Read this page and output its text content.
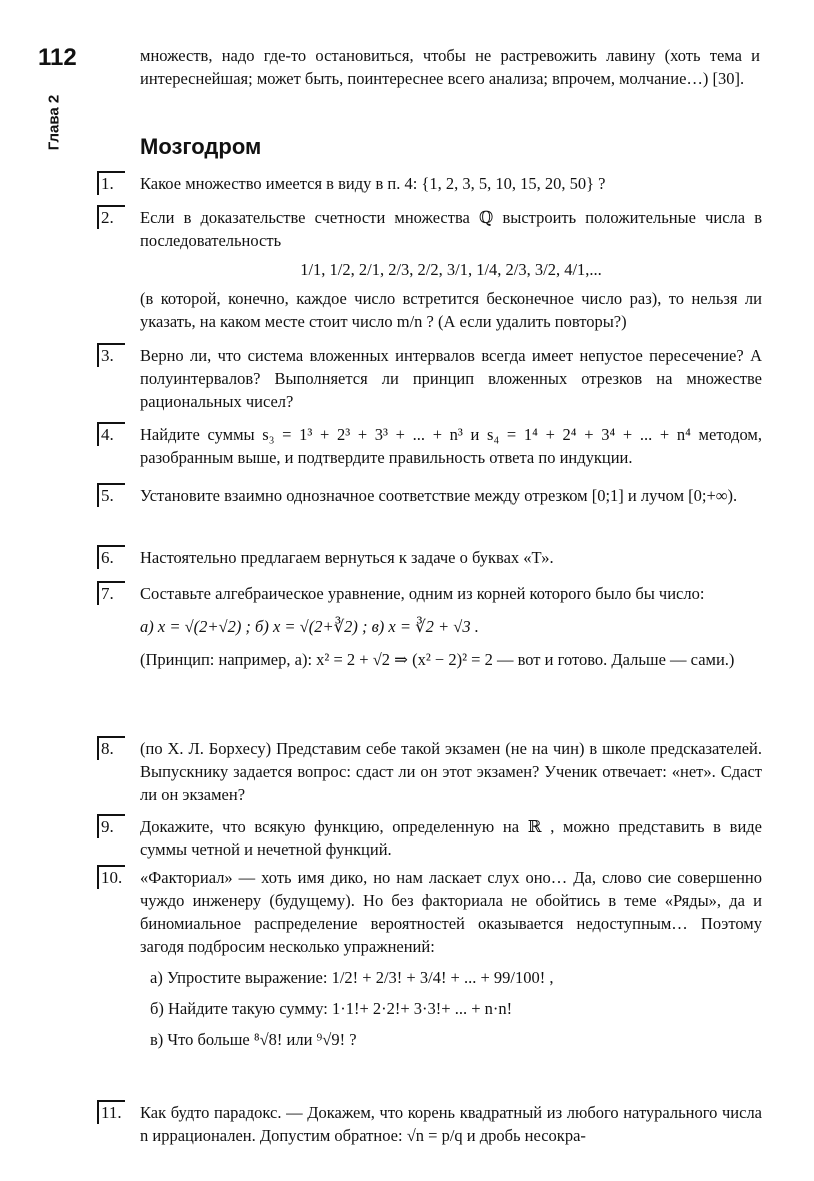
112
Глава 2
множеств, надо где-то остановиться, чтобы не растревожить лавину (хоть тема и интереснейшая; может быть, поинтереснее всего анализа; впрочем, молчание…) [30].
Мозгодром
1.	Какое множество имеется в виду в п. 4: {1, 2, 3, 5, 10, 15, 20, 50} ?
2.	Если в доказательстве счетности множества ℚ выстроить положительные числа в последовательность
1/1, 1/2, 2/1, 2/3, 2/2, 3/1, 1/4, 2/3, 3/2, 4/1,...
(в которой, конечно, каждое число встретится бесконечное число раз), то нельзя ли указать, на каком месте стоит число m/n ? (А если удалить повторы?)
3.	Верно ли, что система вложенных интервалов всегда имеет непустое пересечение? А полуинтервалов? Выполняется ли принцип вложенных отрезков на множестве рациональных чисел?
4.	Найдите суммы s₃ = 1³ + 2³ + 3³ + ... + n³ и s₄ = 1⁴ + 2⁴ + 3⁴ + ... + n⁴ методом, разобранным выше, и подтвердите правильность ответа по индукции.
5.	Установите взаимно однозначное соответствие между отрезком [0;1] и лучом [0;+∞).
6.	Настоятельно предлагаем вернуться к задаче о буквах «Т».
7.	Составьте алгебраическое уравнение, одним из корней которого было бы число:
а) x = √(2+√2) ; б) x = √(2+∛2) ; в) x = ∛2 + √3 .
(Принцип: например, а): x² = 2 + √2 ⇒ (x² − 2)² = 2 — вот и готово. Дальше — сами.)
8.	(по Х. Л. Борхесу) Представим себе такой экзамен (не на чин) в школе предсказателей. Выпускнику задается вопрос: сдаст ли он этот экзамен? Ученик отвечает: «нет». Сдаст ли он экзамен?
9.	Докажите, что всякую функцию, определенную на ℝ , можно представить в виде суммы четной и нечетной функций.
10.	«Факториал» — хоть имя дико, но нам ласкает слух оно… Да, слово сие совершенно чуждо инженеру (будущему). Но без факториала не обойтись в теме «Ряды», да и биномиальное распределение вероятностей оказывается недоступным… Поэтому загодя подбросим несколько упражнений:
а) Упростите выражение: 1/2! + 2/3! + 3/4! + ... + 99/100! ,
б) Найдите такую сумму: 1·1!+ 2·2!+ 3·3!+ ... + n·n!
в) Что больше ⁸√8! или ⁹√9! ?
11.	Как будто парадокс. — Докажем, что корень квадратный из любого натурального числа n иррационален. Допустим обратное: √n = p/q и дробь несокра-
